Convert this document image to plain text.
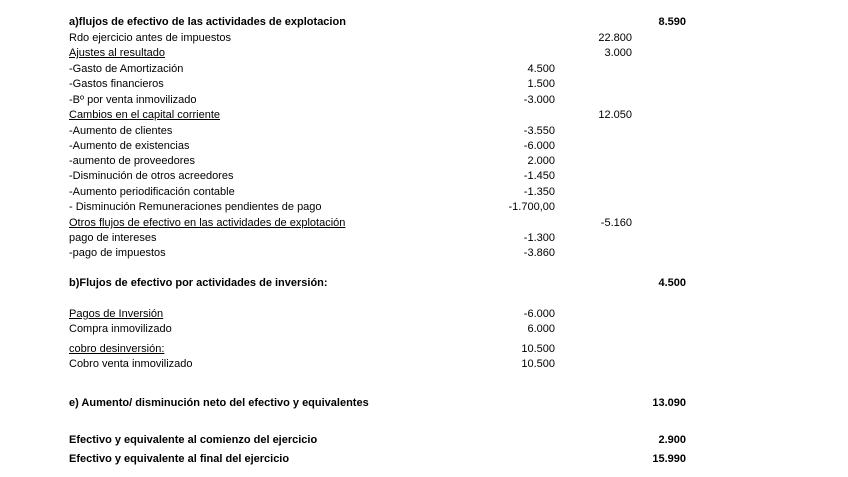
a)flujos de efectivo de las actividades de explotacion	8.590
Rdo ejercicio antes de impuestos	22.800
Ajustes al resultado	3.000
-Gasto de Amortización	4.500
-Gastos financieros	1.500
-Bº por venta inmovilizado	-3.000
Cambios en el capital corriente	12.050
-Aumento de clientes	-3.550
-Aumento de existencias	-6.000
-aumento de proveedores	2.000
-Disminución de otros acreedores	-1.450
-Aumento periodificación contable	-1.350
- Disminución Remuneraciones pendientes de pago	-1.700,00
Otros flujos de efectivo en las actividades de explotación	-5.160
pago de intereses	-1.300
-pago de impuestos	-3.860
b)Flujos de efectivo por actividades de inversión:	4.500
Pagos de Inversión	-6.000
Compra inmovilizado	6.000
cobro desinversión:	10.500
Cobro venta inmovilizado	10.500
e) Aumento/ disminución neto del efectivo y equivalentes	13.090
Efectivo y equivalente al comienzo del ejercicio	2.900
Efectivo y equivalente al final del ejercicio	15.990
